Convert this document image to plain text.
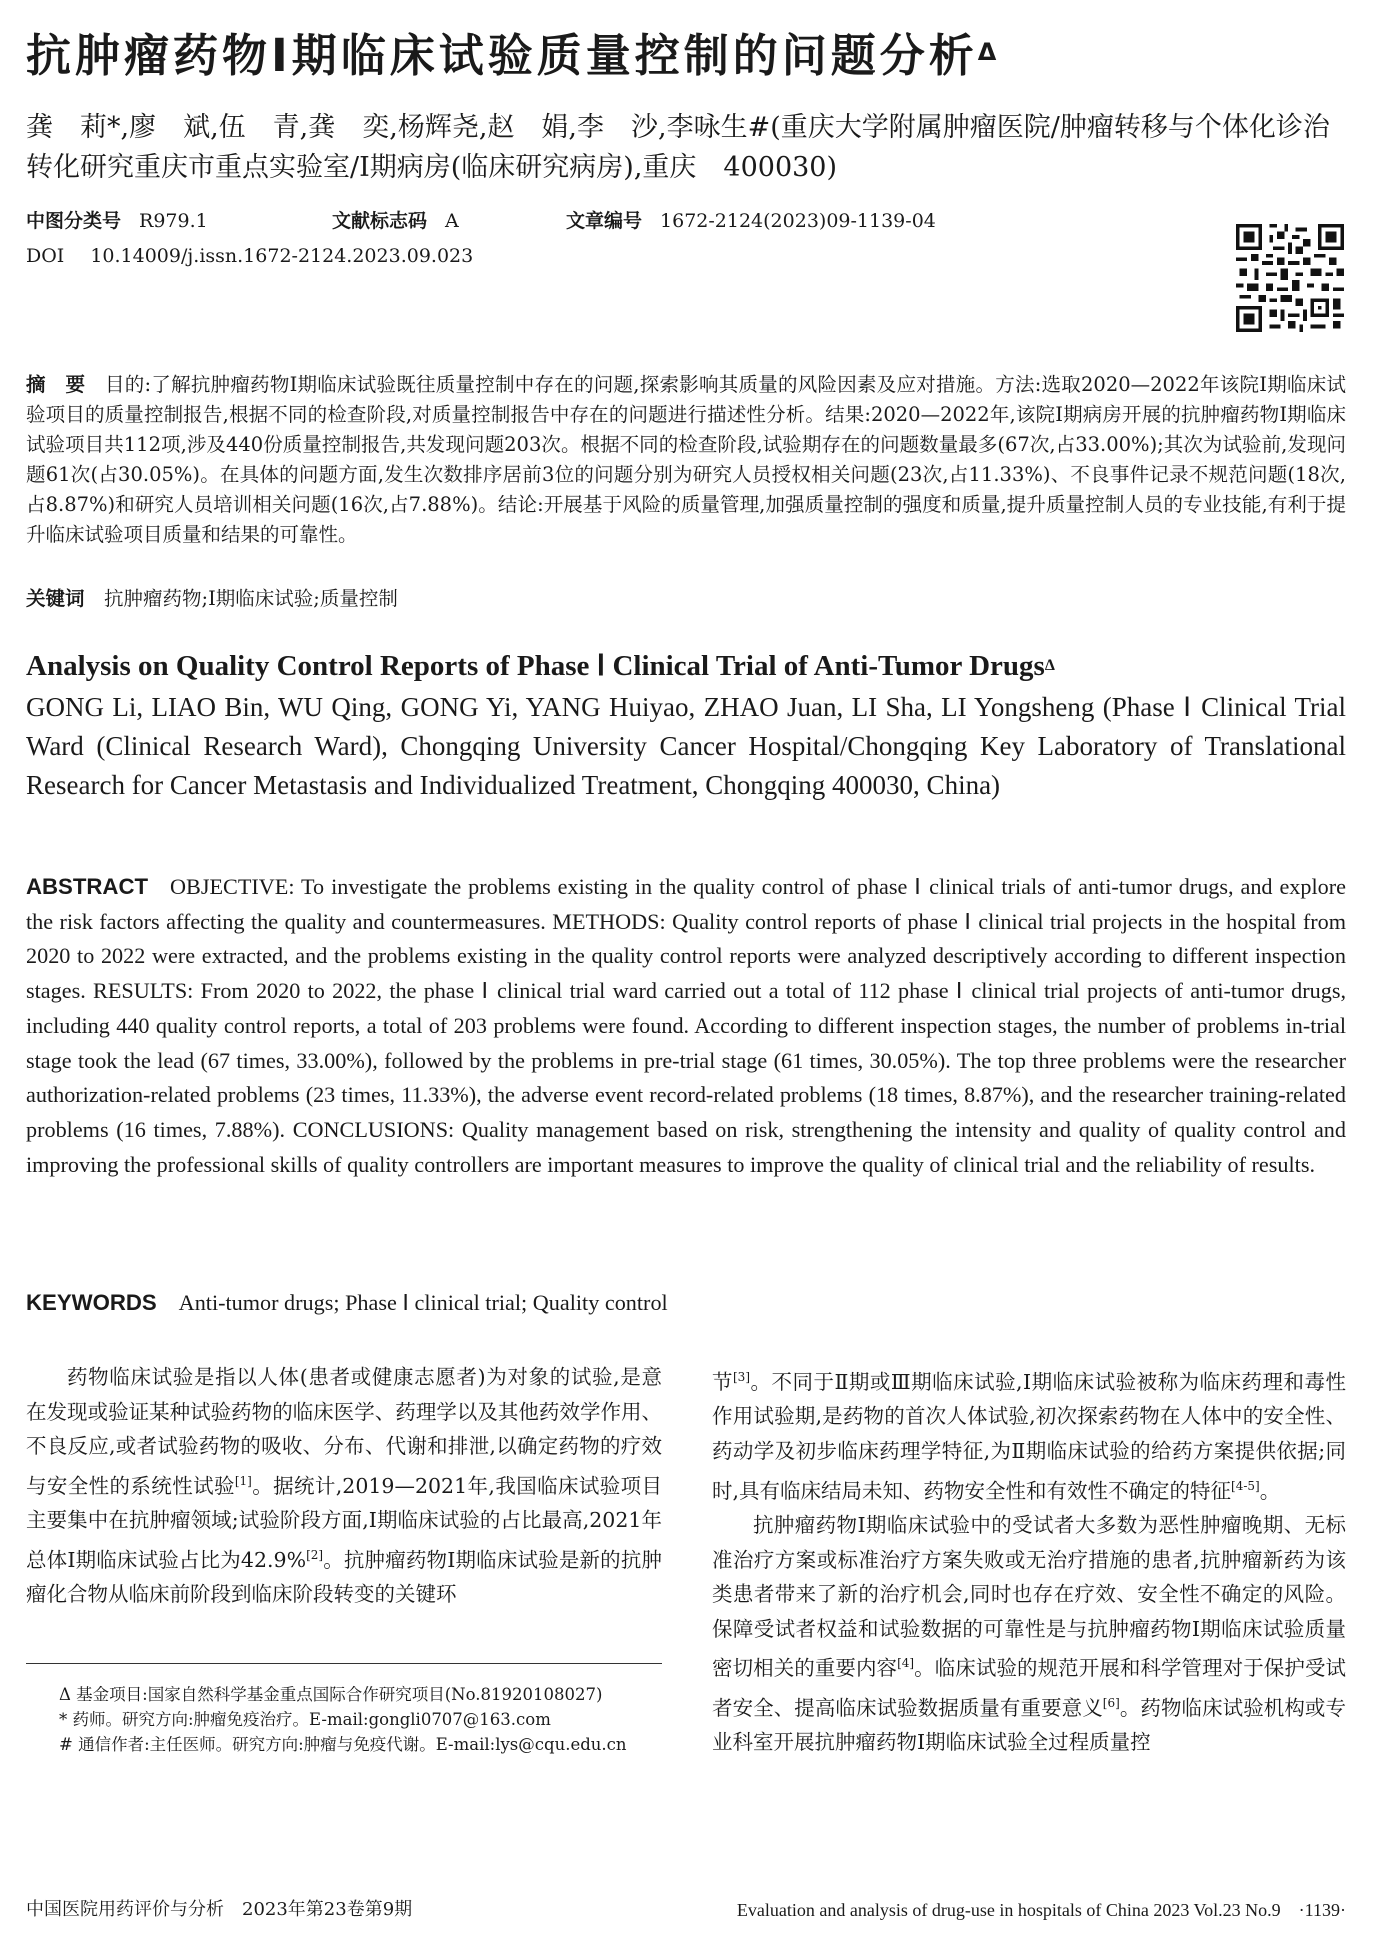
抗肿瘤药物Ⅰ期临床试验质量控制的问题分析$^\Delta$
龚　莉*,廖　斌,伍　青,龚　奕,杨辉尧,赵　娟,李　沙,李咏生#(重庆大学附属肿瘤医院/肿瘤转移与个体化诊治转化研究重庆市重点实验室/Ⅰ期病房(临床研究病房),重庆　400030)
中图分类号 R979.1	文献标志码 A	文章编号 1672-2124(2023)09-1139-04
DOI 10.14009/j.issn.1672-2124.2023.09.023
摘　要　 目的:了解抗肿瘤药物Ⅰ期临床试验既往质量控制中存在的问题,探索影响其质量的风险因素及应对措施。方法:选取2020—2022年该院Ⅰ期临床试验项目的质量控制报告,根据不同的检查阶段,对质量控制报告中存在的问题进行描述性分析。结果:2020—2022年,该院Ⅰ期病房开展的抗肿瘤药物Ⅰ期临床试验项目共112项,涉及440份质量控制报告,共发现问题203次。根据不同的检查阶段,试验期存在的问题数量最多(67次,占33.00%);其次为试验前,发现问题61次(占30.05%)。在具体的问题方面,发生次数排序居前3位的问题分别为研究人员授权相关问题(23次,占11.33%)、不良事件记录不规范问题(18次,占8.87%)和研究人员培训相关问题(16次,占7.88%)。结论:开展基于风险的质量管理,加强质量控制的强度和质量,提升质量控制人员的专业技能,有利于提升临床试验项目质量和结果的可靠性。
关键词　 抗肿瘤药物;Ⅰ期临床试验;质量控制
Analysis on Quality Control Reports of Phase Ⅰ Clinical Trial of Anti-Tumor Drugs$^\Delta$
GONG Li, LIAO Bin, WU Qing, GONG Yi, YANG Huiyao, ZHAO Juan, LI Sha, LI Yongsheng (Phase Ⅰ Clinical Trial Ward (Clinical Research Ward), Chongqing University Cancer Hospital/Chongqing Key Laboratory of Translational Research for Cancer Metastasis and Individualized Treatment, Chongqing 400030, China)
ABSTRACT OBJECTIVE: To investigate the problems existing in the quality control of phase Ⅰ clinical trials of anti-tumor drugs, and explore the risk factors affecting the quality and countermeasures. METHODS: Quality control reports of phase Ⅰ clinical trial projects in the hospital from 2020 to 2022 were extracted, and the problems existing in the quality control reports were analyzed descriptively according to different inspection stages. RESULTS: From 2020 to 2022, the phase Ⅰ clinical trial ward carried out a total of 112 phase Ⅰ clinical trial projects of anti-tumor drugs, including 440 quality control reports, a total of 203 problems were found. According to different inspection stages, the number of problems in-trial stage took the lead (67 times, 33.00%), followed by the problems in pre-trial stage (61 times, 30.05%). The top three problems were the researcher authorization-related problems (23 times, 11.33%), the adverse event record-related problems (18 times, 8.87%), and the researcher training-related problems (16 times, 7.88%). CONCLUSIONS: Quality management based on risk, strengthening the intensity and quality of quality control and improving the professional skills of quality controllers are important measures to improve the quality of clinical trial and the reliability of results.
KEYWORDS Anti-tumor drugs; Phase Ⅰ clinical trial; Quality control

药物临床试验是指以人体(患者或健康志愿者)为对象的试验,是意在发现或验证某种试验药物的临床医学、药理学以及其他药效学作用、不良反应,或者试验药物的吸收、分布、代谢和排泄,以确定药物的疗效与安全性的系统性试验[1]。据统计,2019—2021年,我国临床试验项目主要集中在抗肿瘤领域;试验阶段方面,Ⅰ期临床试验的占比最高,2021年总体Ⅰ期临床试验占比为42.9%[2]。抗肿瘤药物Ⅰ期临床试验是新的抗肿瘤化合物从临床前阶段到临床阶段转变的关键环

Δ 基金项目:国家自然科学基金重点国际合作研究项目(No.81920108027)
* 药师。研究方向:肿瘤免疫治疗。E-mail:gongli0707@163.com
# 通信作者:主任医师。研究方向:肿瘤与免疫代谢。E-mail:lys@cqu.edu.cn

节[3]。不同于Ⅱ期或Ⅲ期临床试验,Ⅰ期临床试验被称为临床药理和毒性作用试验期,是药物的首次人体试验,初次探索药物在人体中的安全性、药动学及初步临床药理学特征,为Ⅱ期临床试验的给药方案提供依据;同时,具有临床结局未知、药物安全性和有效性不确定的特征[4-5]。

抗肿瘤药物Ⅰ期临床试验中的受试者大多数为恶性肿瘤晚期、无标准治疗方案或标准治疗方案失败或无治疗措施的患者,抗肿瘤新药为该类患者带来了新的治疗机会,同时也存在疗效、安全性不确定的风险。保障受试者权益和试验数据的可靠性是与抗肿瘤药物Ⅰ期临床试验质量密切相关的重要内容[4]。临床试验的规范开展和科学管理对于保护受试者安全、提高临床试验数据质量有重要意义[6]。药物临床试验机构或专业科室开展抗肿瘤药物Ⅰ期临床试验全过程质量控

中国医院用药评价与分析　2023年第23卷第9期	Evaluation and analysis of drug-use in hospitals of China 2023 Vol.23 No.9　·1139·
